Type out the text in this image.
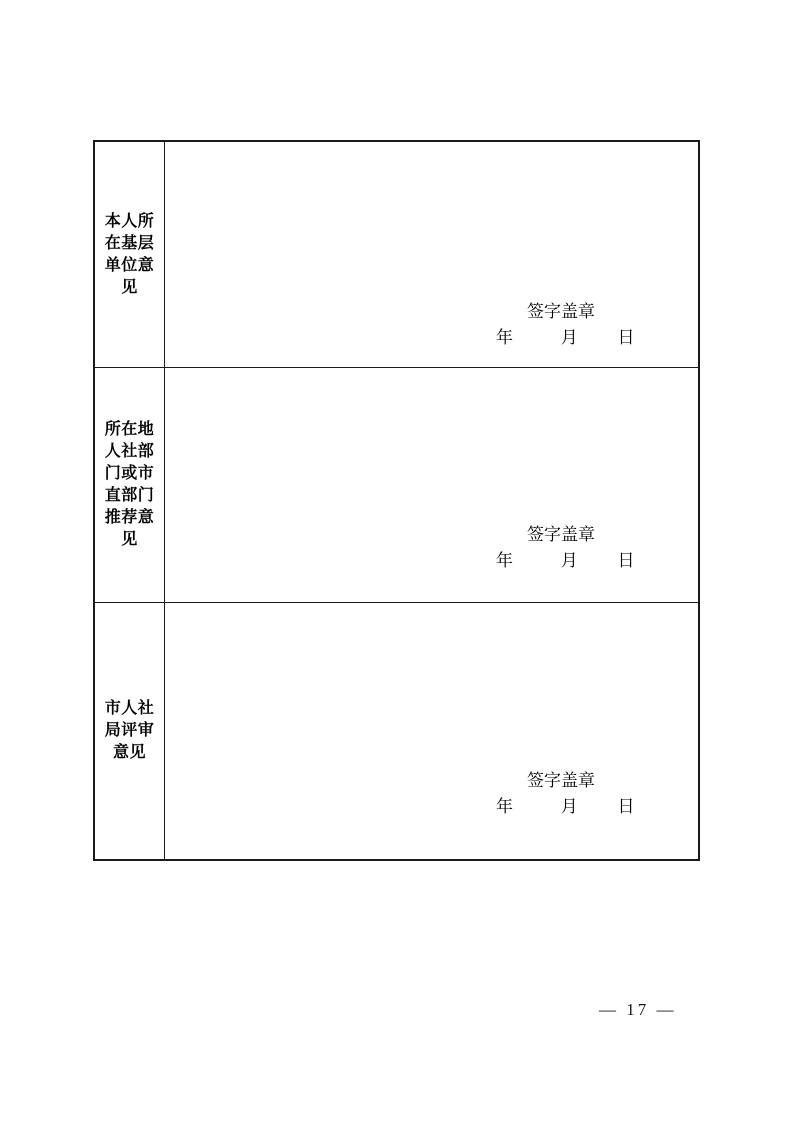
本人所
在基层
单位意
见
签字盖章
年	月 日
所在地
人社部
门或市
直部门
推荐意
见	签字盖章
年	月 日
市人社
局评审
意见
签字盖章
年	月 日
— 17 —
